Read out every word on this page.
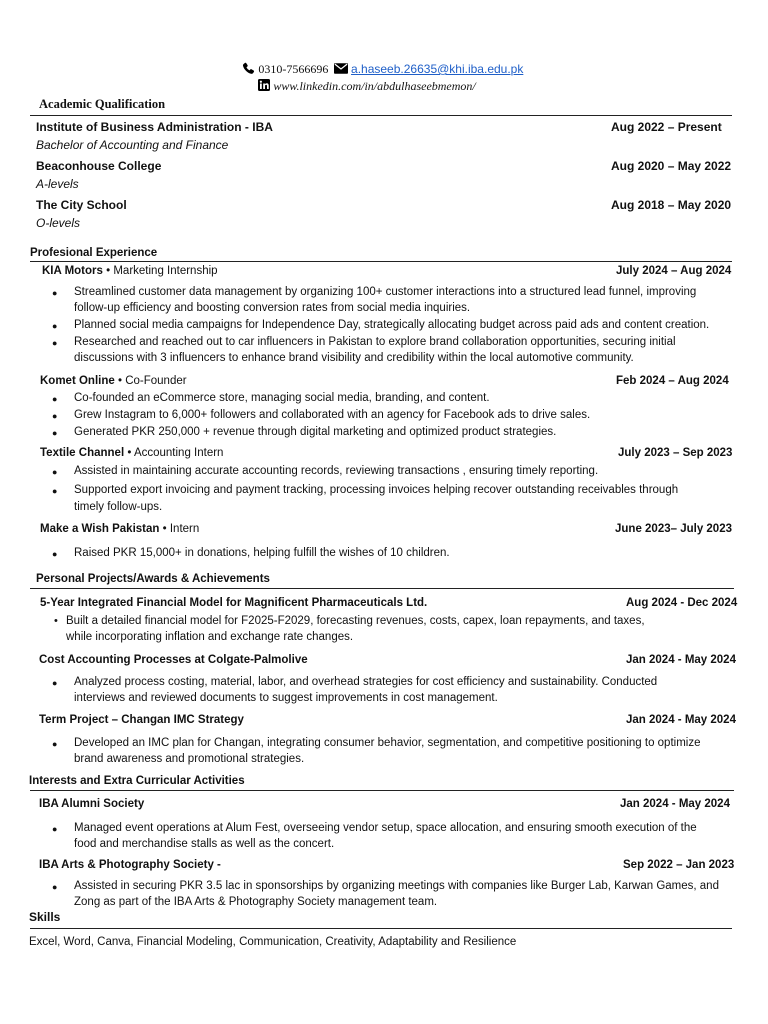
0310-7566696 a.haseeb.26635@khi.iba.edu.pk
www.linkedin.com/in/abdulhaseebmemon/
Academic Qualification
Institute of Business Administration - IBA	Aug 2022 – Present
Bachelor of Accounting and Finance
Beaconhouse College	Aug 2020 – May 2022
A-levels
The City School	Aug 2018 – May 2020
O-levels
Profesional Experience
KIA Motors • Marketing Internship	July 2024 – Aug 2024
● Streamlined customer data management by organizing 100+ customer interactions into a structured lead funnel, improving
follow-up efficiency and boosting conversion rates from social media inquiries.
● Planned social media campaigns for Independence Day, strategically allocating budget across paid ads and content creation.
● Researched and reached out to car influencers in Pakistan to explore brand collaboration opportunities, securing initial
discussions with 3 influencers to enhance brand visibility and credibility within the local automotive community.
Komet Online • Co-Founder	Feb 2024 – Aug 2024
● Co-founded an eCommerce store, managing social media, branding, and content.
● Grew Instagram to 6,000+ followers and collaborated with an agency for Facebook ads to drive sales.
● Generated PKR 250,000 + revenue through digital marketing and optimized product strategies.
Textile Channel • Accounting Intern	July 2023 – Sep 2023
● Assisted in maintaining accurate accounting records, reviewing transactions , ensuring timely reporting.
● Supported export invoicing and payment tracking, processing invoices helping recover outstanding receivables through
timely follow-ups.
Make a Wish Pakistan • Intern	June 2023– July 2023
● Raised PKR 15,000+ in donations, helping fulfill the wishes of 10 children.
Personal Projects/Awards & Achievements
5-Year Integrated Financial Model for Magnificent Pharmaceuticals Ltd.	Aug 2024 - Dec 2024
• Built a detailed financial model for F2025-F2029, forecasting revenues, costs, capex, loan repayments, and taxes,
while incorporating inflation and exchange rate changes.
Cost Accounting Processes at Colgate-Palmolive	Jan 2024 - May 2024
● Analyzed process costing, material, labor, and overhead strategies for cost efficiency and sustainability. Conducted
interviews and reviewed documents to suggest improvements in cost management.
Term Project – Changan IMC Strategy	Jan 2024 - May 2024
● Developed an IMC plan for Changan, integrating consumer behavior, segmentation, and competitive positioning to optimize
brand awareness and promotional strategies.
Interests and Extra Curricular Activities
IBA Alumni Society	Jan 2024 - May 2024
● Managed event operations at Alum Fest, overseeing vendor setup, space allocation, and ensuring smooth execution of the
food and merchandise stalls as well as the concert.
IBA Arts & Photography Society -	Sep 2022 – Jan 2023
● Assisted in securing PKR 3.5 lac in sponsorships by organizing meetings with companies like Burger Lab, Karwan Games, and
Zong as part of the IBA Arts & Photography Society management team.
Skills
Excel, Word, Canva, Financial Modeling, Communication, Creativity, Adaptability and Resilience
